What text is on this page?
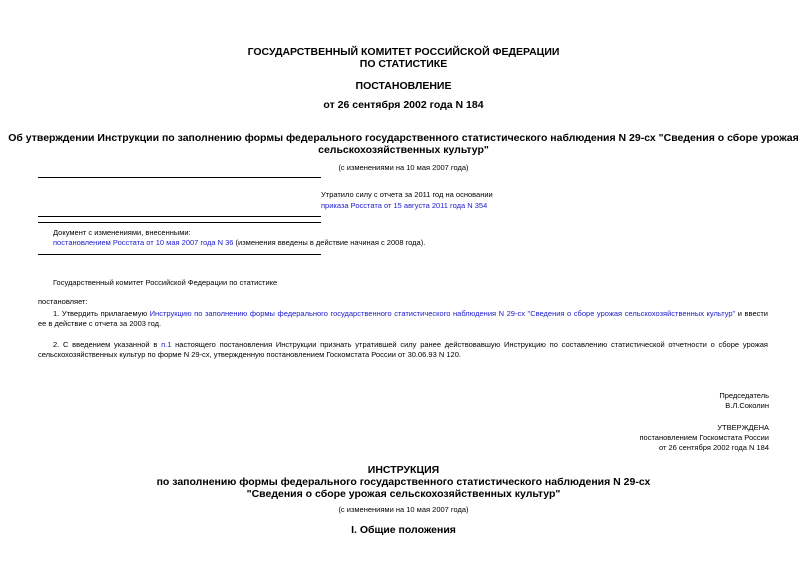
ГОСУДАРСТВЕННЫЙ КОМИТЕТ РОССИЙСКОЙ ФЕДЕРАЦИИ
ПО СТАТИСТИКЕ
ПОСТАНОВЛЕНИЕ
от 26 сентября 2002 года N 184
Об утверждении Инструкции по заполнению формы федерального государственного статистического наблюдения N 29-сх "Сведения о сборе урожая
сельскохозяйственных культур"
(с изменениями на 10 мая 2007 года)
Утратило силу с отчета за 2011 год на основании
приказа Росстата от 15 августа 2011 года N 354
Документ с изменениями, внесенными:
постановлением Росстата от 10 мая 2007 года N 36 (изменения введены в действие начиная с 2008 года).
Государственный комитет Российской Федерации по статистике
постановляет:
1. Утвердить прилагаемую Инструкцию по заполнению формы федерального государственного статистического наблюдения N 29-сх "Сведения о сборе урожая сельскохозяйственных культур" и ввести ее в действие с отчета за 2003 год.
2. С введением указанной в п.1 настоящего постановления Инструкции признать утратившей силу ранее действовавшую Инструкцию по составлению статистической отчетности о сборе урожая сельскохозяйственных культур по форме N 29-сх, утвержденную постановлением Госкомстата России от 30.06.93 N 120.
Председатель
В.Л.Соколин
УТВЕРЖДЕНА
постановлением Госкомстата России
от 26 сентября 2002 года N 184
ИНСТРУКЦИЯ
по заполнению формы федерального государственного статистического наблюдения N 29-сх
"Сведения о сборе урожая сельскохозяйственных культур"
(с изменениями на 10 мая 2007 года)
I. Общие положения
